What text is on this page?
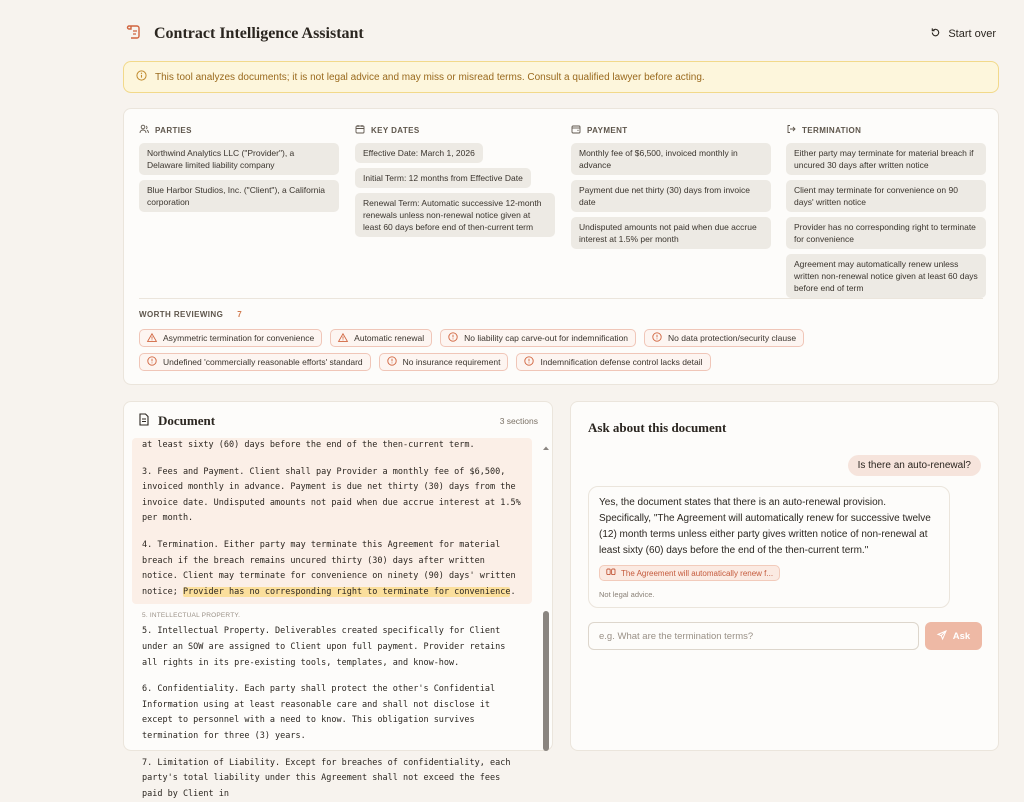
Contract Intelligence Assistant	Start over
This tool analyzes documents; it is not legal advice and may miss or misread terms. Consult a qualified lawyer before acting.
PARTIES
Northwind Analytics LLC ("Provider"), a Delaware limited liability company
Blue Harbor Studios, Inc. ("Client"), a California corporation
KEY DATES
Effective Date: March 1, 2026 Initial Term: 12 months from Effective Date
Renewal Term: Automatic successive 12-month renewals unless non-renewal notice given at least 60 days before end of then-current term
PAYMENT
Monthly fee of $6,500, invoiced monthly in advance
Payment due net thirty (30) days from invoice date
Undisputed amounts not paid when due accrue interest at 1.5% per month
TERMINATION
Either party may terminate for material breach if uncured 30 days after written notice
Client may terminate for convenience on 90 days' written notice
Provider has no corresponding right to terminate for convenience
Agreement may automatically renew unless written non-renewal notice given at least 60 days before end of term
WORTH REVIEWING 7
Asymmetric termination for convenience	Automatic renewal	No liability cap carve-out for indemnification	No data protection/security clause
Undefined 'commercially reasonable efforts' standard	No insurance requirement	Indemnification defense control lacks detail
Document	3 sections
at least sixty (60) days before the end of the then-current term.
3. Fees and Payment. Client shall pay Provider a monthly fee of $6,500, invoiced monthly in advance. Payment is due net thirty (30) days from the invoice date. Undisputed amounts not paid when due accrue interest at 1.5% per month.
4. Termination. Either party may terminate this Agreement for material breach if the breach remains uncured thirty (30) days after written notice. Client may terminate for convenience on ninety (90) days' written notice; Provider has no corresponding right to terminate for convenience.
5. INTELLECTUAL PROPERTY.
5. Intellectual Property. Deliverables created specifically for Client under an SOW are assigned to Client upon full payment. Provider retains all rights in its pre-existing tools, templates, and know-how.
6. Confidentiality. Each party shall protect the other's Confidential Information using at least reasonable care and shall not disclose it except to personnel with a need to know. This obligation survives termination for three (3) years.
7. Limitation of Liability. Except for breaches of confidentiality, each party's total liability under this Agreement shall not exceed the fees paid by Client in
Ask about this document
Is there an auto-renewal?
Yes, the document states that there is an auto-renewal provision. Specifically, "The Agreement will automatically renew for successive twelve (12) month terms unless either party gives written notice of non-renewal at least sixty (60) days before the end of the then-current term."
The Agreement will automatically renew f...
Not legal advice.
e.g. What are the termination terms?
Ask
